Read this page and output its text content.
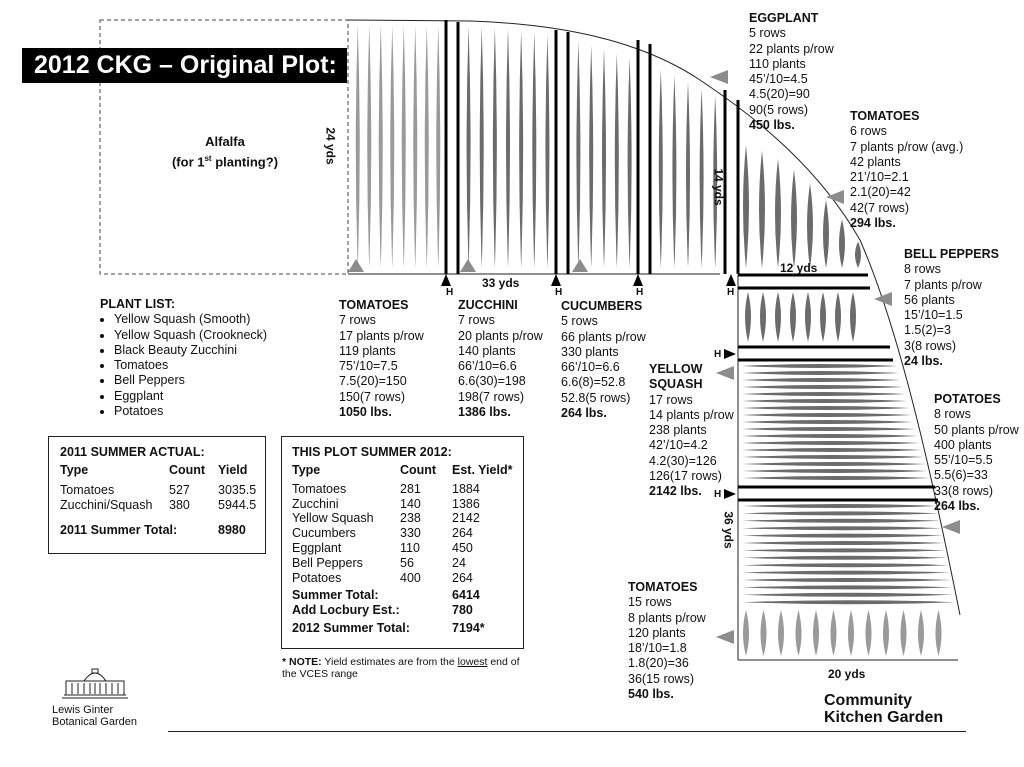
2012 CKG – Original Plot:
Alfalfa
(for 1st planting?)	24 yds
33 yds
14 yds
12 yds
36 yds
20 yds
H	H	H	H
H
H
PLANT LIST:
• Yellow Squash (Smooth)
• Yellow Squash (Crookneck)
• Black Beauty Zucchini
• Tomatoes
• Bell Peppers
• Eggplant
• Potatoes
TOMATOES
7 rows
17 plants p/row
119 plants
75’/10=7.5
7.5(20)=150
150(7 rows)
1050 lbs.
ZUCCHINI
7 rows
20 plants p/row
140 plants
66’/10=6.6
6.6(30)=198
198(7 rows)
1386 lbs.
CUCUMBERS
5 rows
66 plants p/row
330 plants
66’/10=6.6
6.6(8)=52.8
52.8(5 rows)
264 lbs.
EGGPLANT
5 rows
22 plants p/row
110 plants
45’/10=4.5
4.5(20)=90
90(5 rows)
450 lbs.
TOMATOES
6 rows
7 plants p/row (avg.)
42 plants
21’/10=2.1
2.1(20)=42
42(7 rows)
294 lbs.
BELL PEPPERS
8 rows
7 plants p/row
56 plants
15’/10=1.5
1.5(2)=3
3(8 rows)
24 lbs.
YELLOW
SQUASH
17 rows
14 plants p/row
238 plants
42’/10=4.2
4.2(30)=126
126(17 rows)
2142 lbs.
POTATOES
8 rows
50 plants p/row
400 plants
55’/10=5.5
5.5(6)=33
33(8 rows)
264 lbs.
TOMATOES
15 rows
8 plants p/row
120 plants
18’/10=1.8
1.8(20)=36
36(15 rows)
540 lbs.
2011 SUMMER ACTUAL:
Type	Count	Yield

Tomatoes	527	3035.5
Zucchini/Squash	380	5944.5

2011 Summer Total:		8980
THIS PLOT SUMMER 2012:
Type	Count	Est. Yield*

Tomatoes	281	1884
Zucchini	140	1386
Yellow Squash	238	2142
Cucumbers	330	264
Eggplant	110	450
Bell Peppers	56	24
Potatoes	400	264

Summer Total:		6414
Add Locbury Est.:		780

2012 Summer Total:		7194*
* NOTE: Yield estimates are from the lowest end of the VCES range
Lewis Ginter
Botanical Garden
Community
Kitchen Garden
